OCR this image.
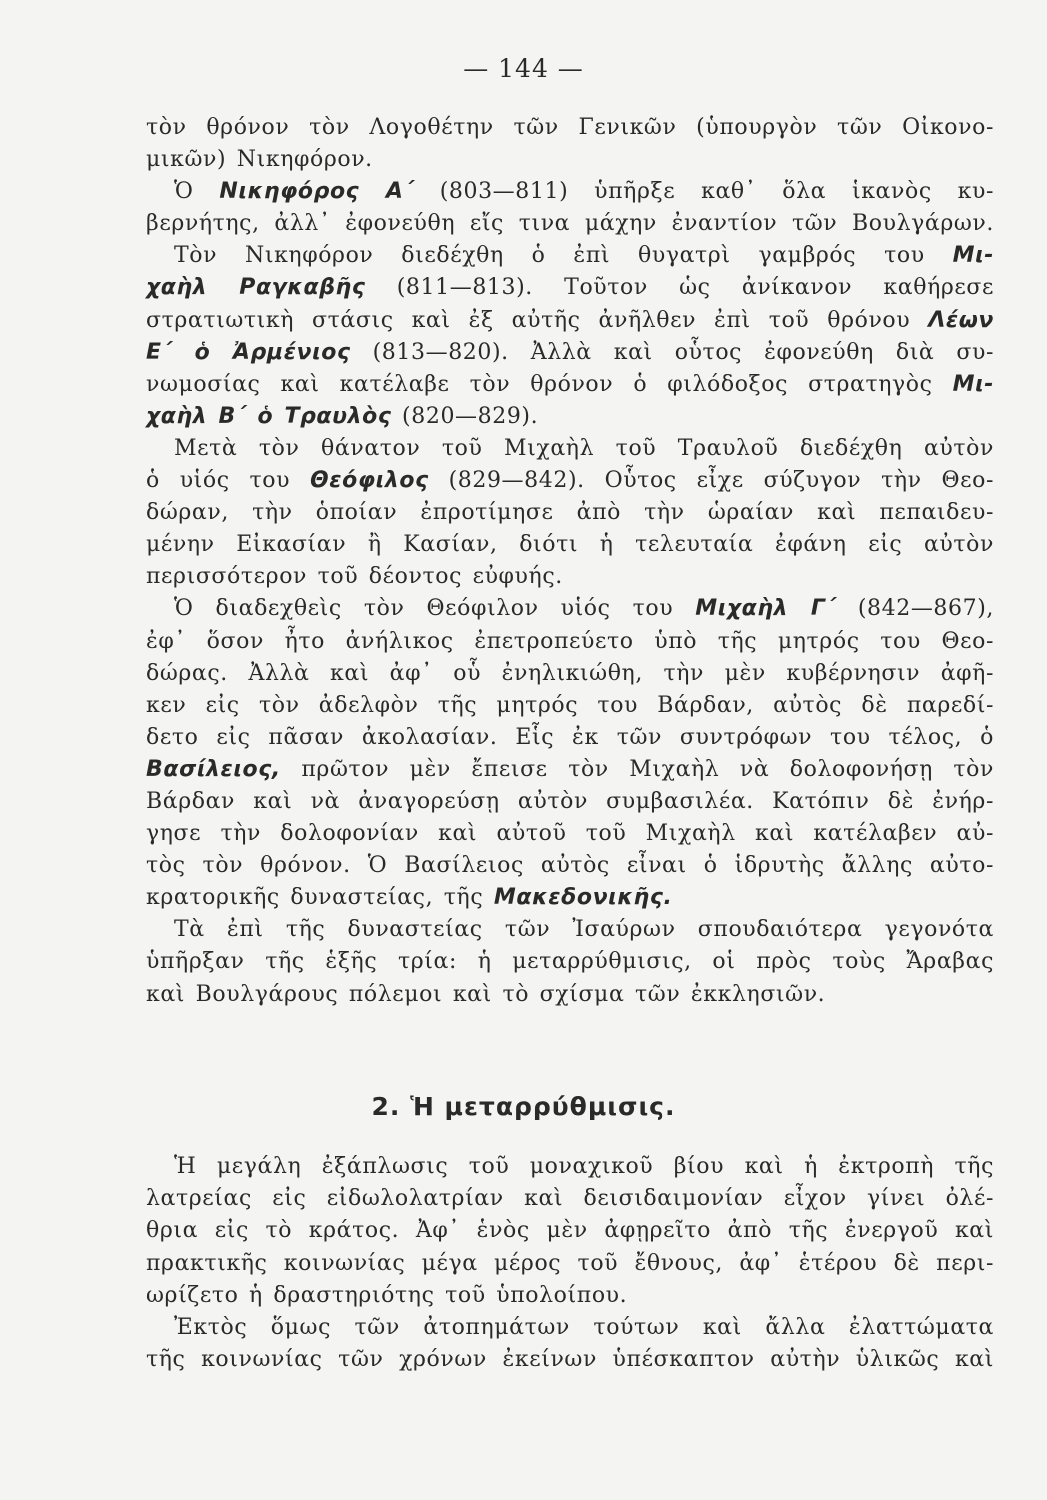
— 144 —
τὸν θρόνον τὸν Λογοθέτην τῶν Γενικῶν (ὑπουργὸν τῶν Οἰκονο-
μικῶν) Νικηφόρον.
Ὁ Νικηφόρος Α΄ (803—811) ὑπῆρξε καθ᾽ ὅλα ἱκανὸς κυ-
βερνήτης, ἀλλ᾽ ἐφονεύθη εἴς τινα μάχην ἐναντίον τῶν Βουλγάρων.
Τὸν Νικηφόρον διεδέχθη ὁ ἐπὶ θυγατρὶ γαμβρός του Μι-
χαὴλ Ραγκαβῆς (811—813). Τοῦτον ὡς ἀνίκανον καθήρεσε
στρατιωτικὴ στάσις καὶ ἐξ αὐτῆς ἀνῆλθεν ἐπὶ τοῦ θρόνου Λέων
Ε΄ ὁ Ἀρμένιος (813—820). Ἀλλὰ καὶ οὗτος ἐφονεύθη διὰ συ-
νωμοσίας καὶ κατέλαβε τὸν θρόνον ὁ φιλόδοξος στρατηγὸς Μι-
χαὴλ Β΄ ὁ Τραυλὸς (820—829).
Μετὰ τὸν θάνατον τοῦ Μιχαὴλ τοῦ Τραυλοῦ διεδέχθη αὐτὸν
ὁ υἱός του Θεόφιλος (829—842). Οὗτος εἶχε σύζυγον τὴν Θεο-
δώραν, τὴν ὁποίαν ἐπροτίμησε ἀπὸ τὴν ὡραίαν καὶ πεπαιδευ-
μένην Εἰκασίαν ἢ Κασίαν, διότι ἡ τελευταία ἐφάνη εἰς αὐτὸν
περισσότερον τοῦ δέοντος εὐφυής.
Ὁ διαδεχθεὶς τὸν Θεόφιλον υἱός του Μιχαὴλ Γ΄ (842—867),
ἐφ᾽ ὅσον ἦτο ἀνήλικος ἐπετροπεύετο ὑπὸ τῆς μητρός του Θεο-
δώρας. Ἀλλὰ καὶ ἀφ᾽ οὗ ἐνηλικιώθη, τὴν μὲν κυβέρνησιν ἀφῆ-
κεν εἰς τὸν ἀδελφὸν τῆς μητρός του Βάρδαν, αὐτὸς δὲ παρεδί-
δετο εἰς πᾶσαν ἀκολασίαν. Εἷς ἐκ τῶν συντρόφων του τέλος, ὁ
Βασίλειος, πρῶτον μὲν ἔπεισε τὸν Μιχαὴλ νὰ δολοφονήσῃ τὸν
Βάρδαν καὶ νὰ ἀναγορεύσῃ αὐτὸν συμβασιλέα. Κατόπιν δὲ ἐνήρ-
γησε τὴν δολοφονίαν καὶ αὐτοῦ τοῦ Μιχαὴλ καὶ κατέλαβεν αὐ-
τὸς τὸν θρόνον. Ὁ Βασίλειος αὐτὸς εἶναι ὁ ἱδρυτὴς ἄλλης αὐτο-
κρατορικῆς δυναστείας, τῆς Μακεδονικῆς.
Τὰ ἐπὶ τῆς δυναστείας τῶν Ἰσαύρων σπουδαιότερα γεγονότα
ὑπῆρξαν τῆς ἑξῆς τρία: ἡ μεταρρύθμισις, οἱ πρὸς τοὺς Ἄραβας
καὶ Βουλγάρους πόλεμοι καὶ τὸ σχίσμα τῶν ἐκκλησιῶν.
2. Ἡ μεταρρύθμισις.
Ἡ μεγάλη ἐξάπλωσις τοῦ μοναχικοῦ βίου καὶ ἡ ἐκτροπὴ τῆς
λατρείας εἰς εἰδωλολατρίαν καὶ δεισιδαιμονίαν εἶχον γίνει ὀλέ-
θρια εἰς τὸ κράτος. Ἀφ᾽ ἑνὸς μὲν ἀφῃρεῖτο ἀπὸ τῆς ἐνεργοῦ καὶ
πρακτικῆς κοινωνίας μέγα μέρος τοῦ ἔθνους, ἀφ᾽ ἑτέρου δὲ περι-
ωρίζετο ἡ δραστηριότης τοῦ ὑπολοίπου.
Ἐκτὸς ὅμως τῶν ἀτοπημάτων τούτων καὶ ἄλλα ἐλαττώματα
τῆς κοινωνίας τῶν χρόνων ἐκείνων ὑπέσκαπτον αὐτὴν ὑλικῶς καὶ
